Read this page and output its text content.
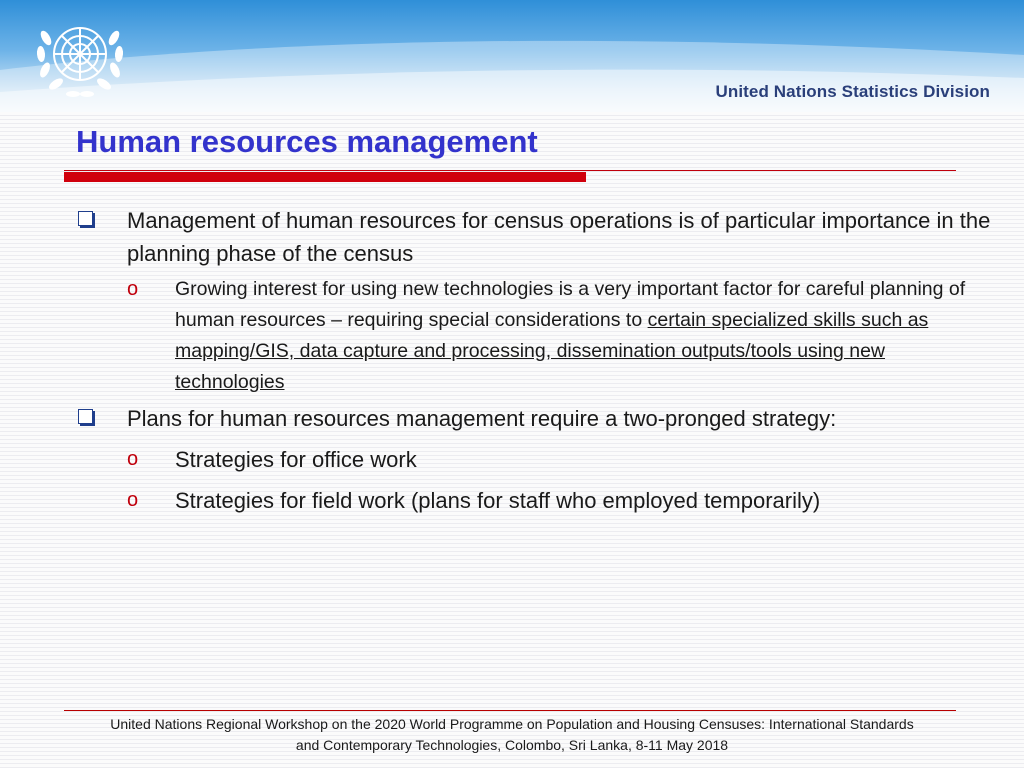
United Nations Statistics Division
Human resources management
Management of human resources for census operations is of particular importance in the planning phase of the census
o Growing interest for using new technologies is a very important factor for careful planning of human resources – requiring special considerations to certain specialized skills such as mapping/GIS, data capture and processing, dissemination outputs/tools using new technologies
Plans for human resources management require a two-pronged strategy:
o Strategies for office work
o Strategies for field work (plans for staff who employed temporarily)

United Nations Regional Workshop on the 2020 World Programme on Population and Housing Censuses: International Standards

and Contemporary Technologies, Colombo, Sri Lanka, 8-11 May 2018
